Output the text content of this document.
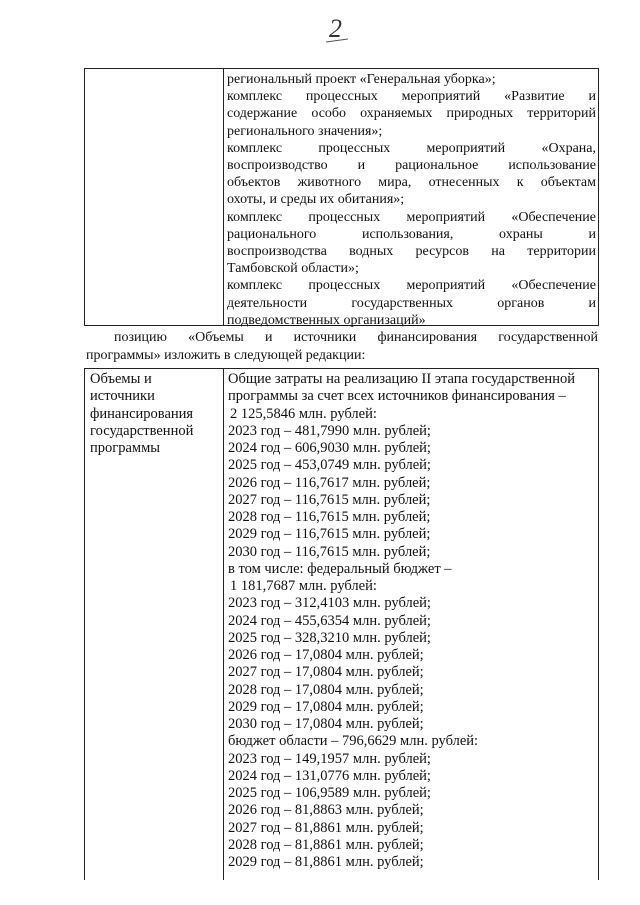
2
региональный проект «Генеральная уборка»;
комплекс процессных мероприятий «Развитие и
содержание особо охраняемых природных территорий
регионального значения»;
комплекс процессных мероприятий «Охрана,
воспроизводство и рациональное использование
объектов животного мира, отнесенных к объектам
охоты, и среды их обитания»;
комплекс процессных мероприятий «Обеспечение
рационального использования, охраны и
воспроизводства водных ресурсов на территории
Тамбовской области»;
комплекс процессных мероприятий «Обеспечение
деятельности государственных органов и
подведомственных организаций»
позицию «Объемы и источники финансирования государственной
программы» изложить в следующей редакции:
Объемы и
источники
финансирования
государственной
программы
Общие затраты на реализацию II этапа государственной
программы за счет всех источников финансирования –
2 125,5846 млн. рублей:
2023 год – 481,7990 млн. рублей;
2024 год – 606,9030 млн. рублей;
2025 год – 453,0749 млн. рублей;
2026 год – 116,7617 млн. рублей;
2027 год – 116,7615 млн. рублей;
2028 год – 116,7615 млн. рублей;
2029 год – 116,7615 млн. рублей;
2030 год – 116,7615 млн. рублей;
в том числе: федеральный бюджет –
1 181,7687 млн. рублей:
2023 год – 312,4103 млн. рублей;
2024 год – 455,6354 млн. рублей;
2025 год – 328,3210 млн. рублей;
2026 год – 17,0804 млн. рублей;
2027 год – 17,0804 млн. рублей;
2028 год – 17,0804 млн. рублей;
2029 год – 17,0804 млн. рублей;
2030 год – 17,0804 млн. рублей;
бюджет области – 796,6629 млн. рублей:
2023 год – 149,1957 млн. рублей;
2024 год – 131,0776 млн. рублей;
2025 год – 106,9589 млн. рублей;
2026 год – 81,8863 млн. рублей;
2027 год – 81,8861 млн. рублей;
2028 год – 81,8861 млн. рублей;
2029 год – 81,8861 млн. рублей;
